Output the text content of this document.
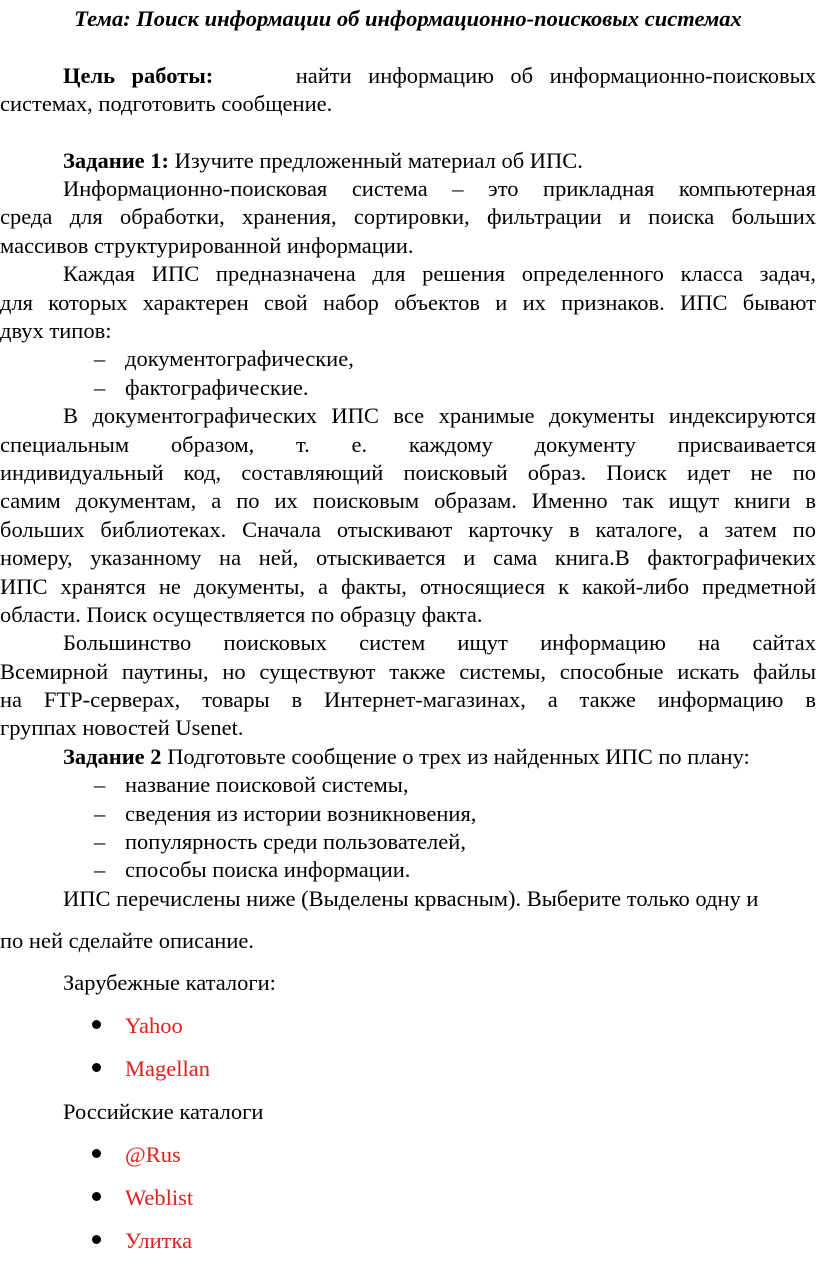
Тема: Поиск информации об информационно-поисковых системах
Цель работы:	найти информацию об информационно-поисковых
системах, подготовить сообщение.
Задание 1: Изучите предложенный материал об ИПС.
Информационно-поисковая система – это прикладная компьютерная
среда для обработки, хранения, сортировки, фильтрации и поиска больших
массивов структурированной информации.
Каждая ИПС предназначена для решения определенного класса задач,
для которых характерен свой набор объектов и их признаков. ИПС бывают
двух типов:
– документографические,
– фактографические.
В документографических ИПС все хранимые документы индексируются
специальным образом, т. е. каждому документу присваивается
индивидуальный код, составляющий поисковый образ. Поиск идет не по
самим документам, а по их поисковым образам. Именно так ищут книги в
больших библиотеках. Сначала отыскивают карточку в каталоге, а затем по
номеру, указанному на ней, отыскивается и сама книга.В фактографичеких
ИПС хранятся не документы, а факты, относящиеся к какой-либо предметной
области. Поиск осуществляется по образцу факта.
Большинство поисковых систем ищут информацию на сайтах
Всемирной паутины, но существуют также системы, способные искать файлы
на FTP-серверах, товары в Интернет-магазинах, а также информацию в
группах новостей Usenet.
Задание 2 Подготовьте сообщение о трех из найденных ИПС по плану:
– название поисковой системы,
– сведения из истории возникновения,
– популярность среди пользователей,
– способы поиска информации.
ИПС перечислены ниже (Выделены крвасным). Выберите только одну и
по ней сделайте описание.
Зарубежные каталоги:
Yahoo
Magellan
Российские каталоги
@Rus
Weblist
Улитка
